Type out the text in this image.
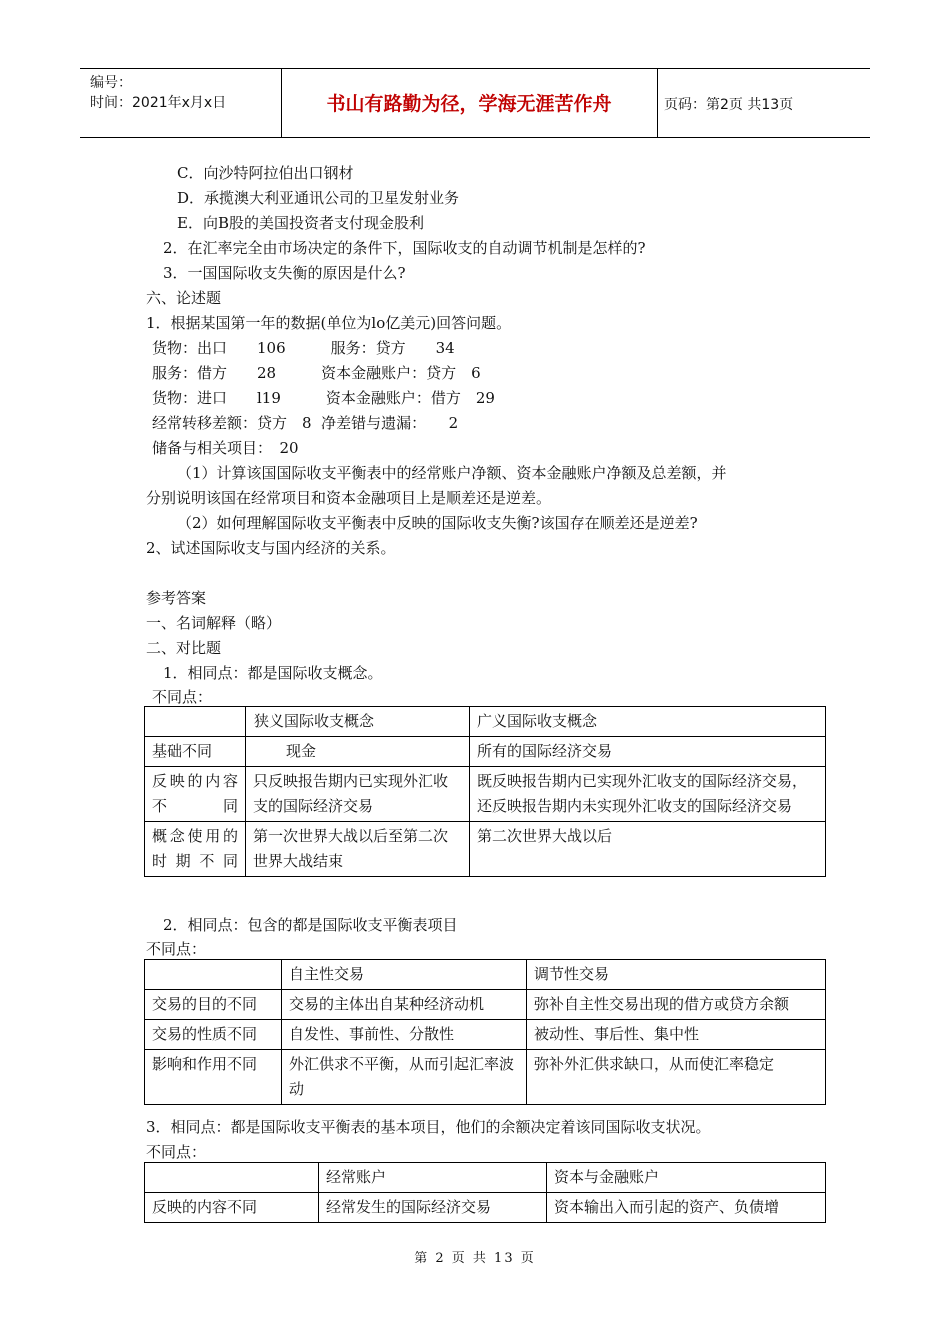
编号：
时间：2021年x月x日	书山有路勤为径，学海无涯苦作舟	页码：第2页 共13页
C．向沙特阿拉伯出口钢材
D．承揽澳大利亚通讯公司的卫星发射业务
E．向B股的美国投资者支付现金股利
2．在汇率完全由市场决定的条件下，国际收支的自动调节机制是怎样的?
3．一国国际收支失衡的原因是什么?
六、论述题
1．根据某国第一年的数据(单位为lo亿美元)回答问题。
货物：出口　　106　　　服务：贷方　　34
服务：借方　　28　　　资本金融账户：贷方　6
货物：进口　　l19　　　资本金融账户：借方　29
经常转移差额：贷方　8  净差错与遗漏：　　2
储备与相关项目：　20
（1）计算该国国际收支平衡表中的经常账户净额、资本金融账户净额及总差额，并
分别说明该国在经常项目和资本金融项目上是顺差还是逆差。
（2）如何理解国际收支平衡表中反映的国际收支失衡?该国存在顺差还是逆差?
2、试述国际收支与国内经济的关系。
参考答案
一、名词解释（略）
二、对比题
1．相同点：都是国际收支概念。
不同点：
	狭义国际收支概念	广义国际收支概念
基础不同	现金	所有的国际经济交易
反映的内容不同	只反映报告期内已实现外汇收支的国际经济交易	既反映报告期内已实现外汇收支的国际经济交易，还反映报告期内未实现外汇收支的国际经济交易
概念使用的时期不同	第一次世界大战以后至第二次世界大战结束	第二次世界大战以后
2．相同点：包含的都是国际收支平衡表项目
不同点：
	自主性交易	调节性交易
交易的目的不同	交易的主体出自某种经济动机	弥补自主性交易出现的借方或贷方余额
交易的性质不同	自发性、事前性、分散性	被动性、事后性、集中性
影响和作用不同	外汇供求不平衡，从而引起汇率波动	弥补外汇供求缺口，从而使汇率稳定
3．相同点：都是国际收支平衡表的基本项目，他们的余额决定着该同国际收支状况。
不同点：
	经常账户	资本与金融账户
反映的内容不同	经常发生的国际经济交易	资本输出入而引起的资产、负债增
第 2 页 共 13 页
